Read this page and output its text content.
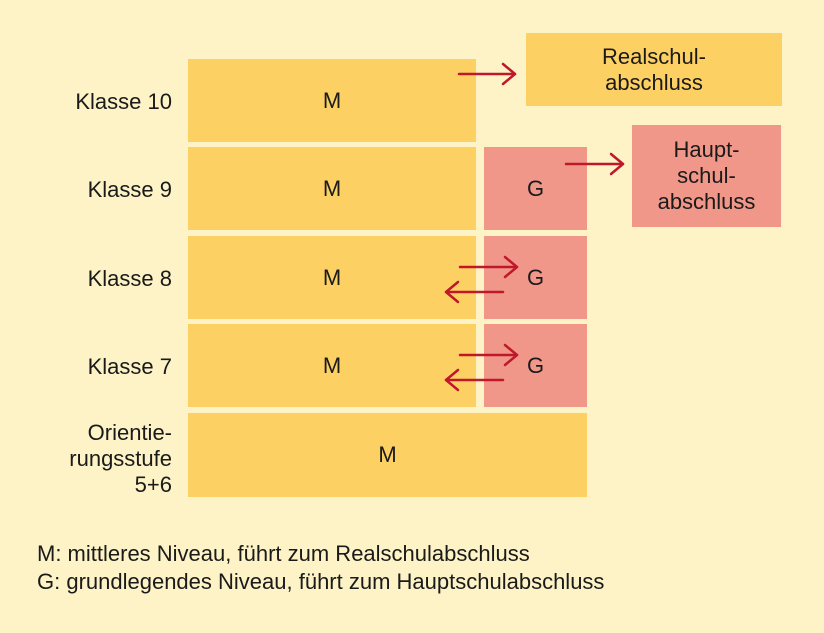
Klasse 10
Klasse 9
Klasse 8
Klasse 7
Orientie-
rungsstufe
5+6
M
M
M
M
M
G
G
G
Realschul-
abschluss
Haupt-
schul-
abschluss
M: mittleres Niveau, führt zum Realschulabschluss
G: grundlegendes Niveau, führt zum Hauptschulabschluss
